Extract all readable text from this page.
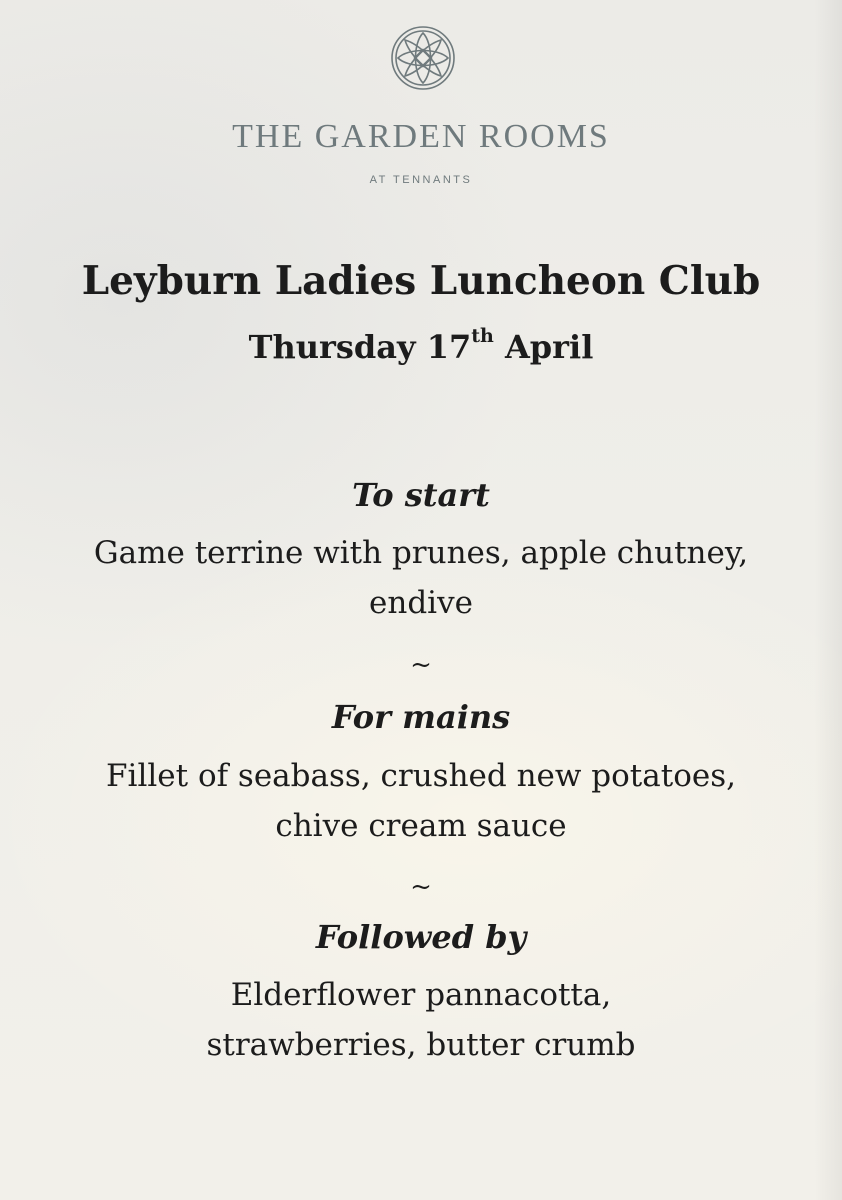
THE GARDEN ROOMS
AT TENNANTS
Leyburn Ladies Luncheon Club
Thursday 17th April
To start
Game terrine with prunes, apple chutney,
endive
~
For mains
Fillet of seabass, crushed new potatoes,
chive cream sauce
~
Followed by
Elderflower pannacotta,
strawberries, butter crumb
